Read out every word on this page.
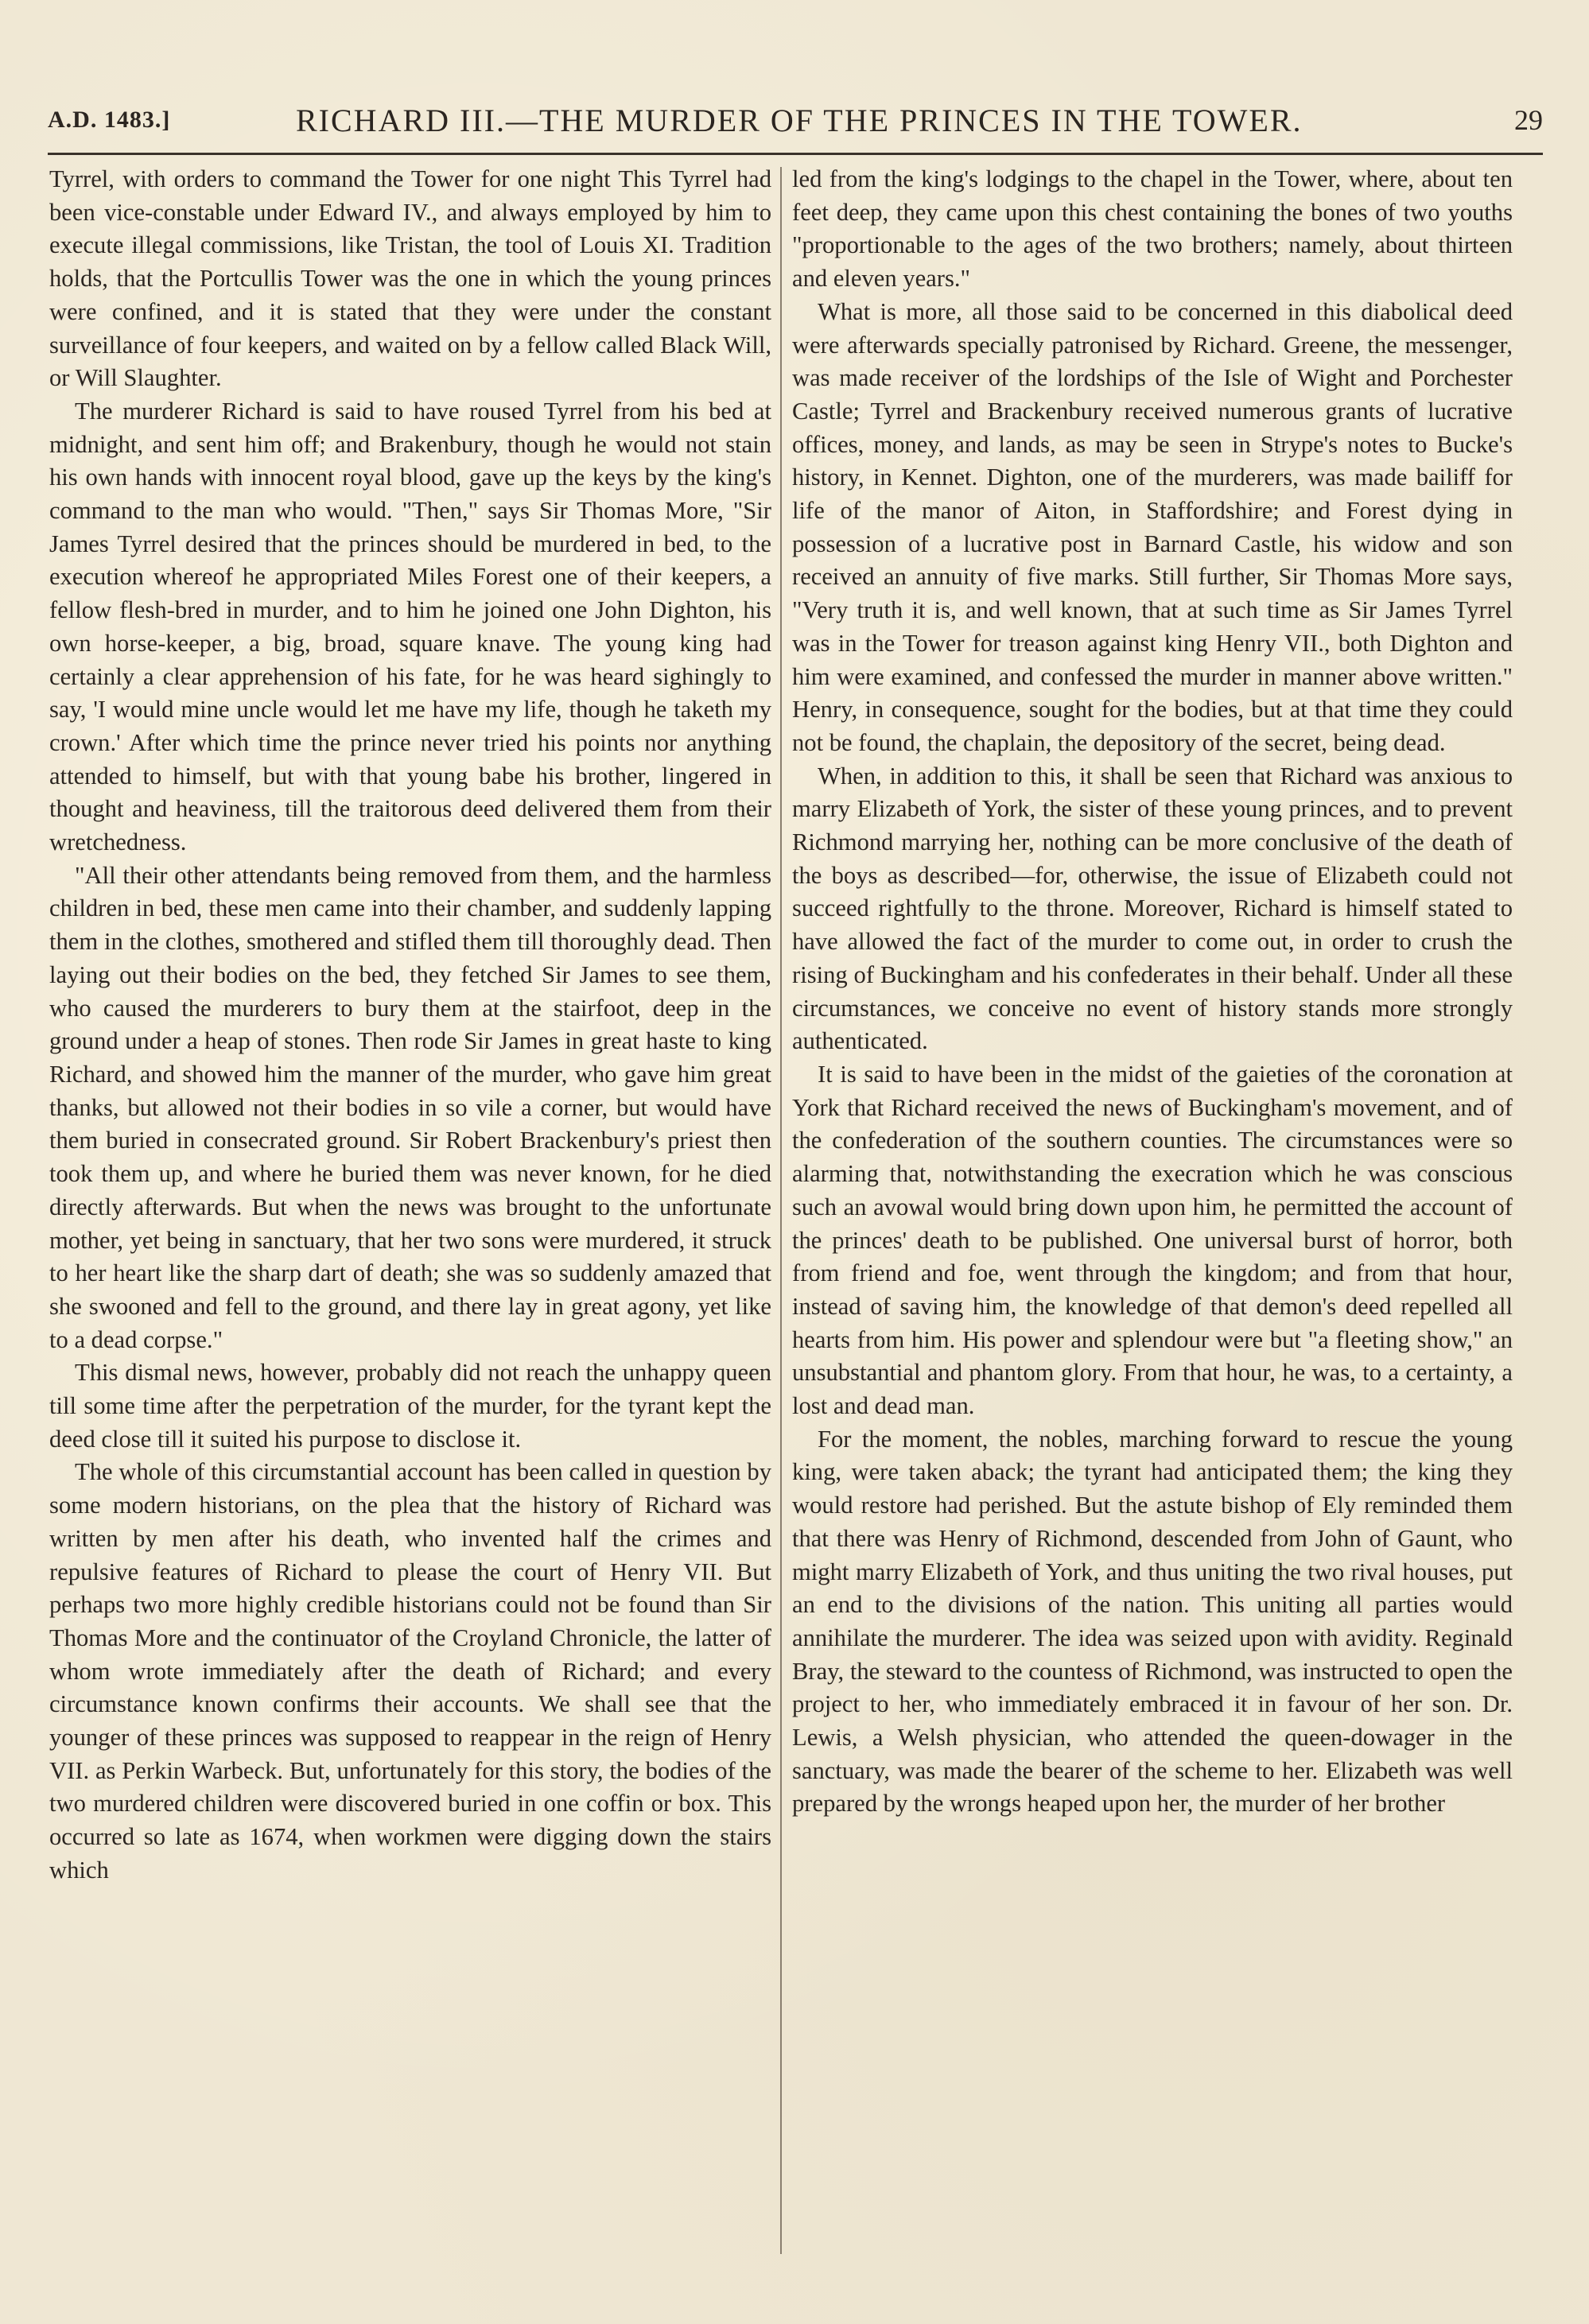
A.D. 1483.]	RICHARD III.—THE MURDER OF THE PRINCES IN THE TOWER.	29

Tyrrel, with orders to command the Tower for one night This Tyrrel had been vice-constable under Edward IV., and always employed by him to execute illegal commissions, like Tristan, the tool of Louis XI. Tradition holds, that the Portcullis Tower was the one in which the young princes were confined, and it is stated that they were under the constant surveillance of four keepers, and waited on by a fellow called Black Will, or Will Slaughter.

The murderer Richard is said to have roused Tyrrel from his bed at midnight, and sent him off; and Brakenbury, though he would not stain his own hands with innocent royal blood, gave up the keys by the king's command to the man who would. "Then," says Sir Thomas More, "Sir James Tyrrel desired that the princes should be murdered in bed, to the execution whereof he appropriated Miles Forest one of their keepers, a fellow flesh-bred in murder, and to him he joined one John Dighton, his own horse-keeper, a big, broad, square knave. The young king had certainly a clear apprehension of his fate, for he was heard sighingly to say, 'I would mine uncle would let me have my life, though he taketh my crown.' After which time the prince never tried his points nor anything attended to himself, but with that young babe his brother, lingered in thought and heaviness, till the traitorous deed delivered them from their wretchedness.

"All their other attendants being removed from them, and the harmless children in bed, these men came into their chamber, and suddenly lapping them in the clothes, smothered and stifled them till thoroughly dead. Then laying out their bodies on the bed, they fetched Sir James to see them, who caused the murderers to bury them at the stairfoot, deep in the ground under a heap of stones. Then rode Sir James in great haste to king Richard, and showed him the manner of the murder, who gave him great thanks, but allowed not their bodies in so vile a corner, but would have them buried in consecrated ground. Sir Robert Brackenbury's priest then took them up, and where he buried them was never known, for he died directly afterwards. But when the news was brought to the unfortunate mother, yet being in sanctuary, that her two sons were murdered, it struck to her heart like the sharp dart of death; she was so suddenly amazed that she swooned and fell to the ground, and there lay in great agony, yet like to a dead corpse."

This dismal news, however, probably did not reach the unhappy queen till some time after the perpetration of the murder, for the tyrant kept the deed close till it suited his purpose to disclose it.

The whole of this circumstantial account has been called in question by some modern historians, on the plea that the history of Richard was written by men after his death, who invented half the crimes and repulsive features of Richard to please the court of Henry VII. But perhaps two more highly credible historians could not be found than Sir Thomas More and the continuator of the Croyland Chronicle, the latter of whom wrote immediately after the death of Richard; and every circumstance known confirms their accounts. We shall see that the younger of these princes was supposed to reappear in the reign of Henry VII. as Perkin Warbeck. But, unfortunately for this story, the bodies of the two murdered children were discovered buried in one coffin or box. This occurred so late as 1674, when workmen were digging down the stairs which

led from the king's lodgings to the chapel in the Tower, where, about ten feet deep, they came upon this chest containing the bones of two youths "proportionable to the ages of the two brothers; namely, about thirteen and eleven years."

What is more, all those said to be concerned in this diabolical deed were afterwards specially patronised by Richard. Greene, the messenger, was made receiver of the lordships of the Isle of Wight and Porchester Castle; Tyrrel and Brackenbury received numerous grants of lucrative offices, money, and lands, as may be seen in Strype's notes to Bucke's history, in Kennet. Dighton, one of the murderers, was made bailiff for life of the manor of Aiton, in Staffordshire; and Forest dying in possession of a lucrative post in Barnard Castle, his widow and son received an annuity of five marks. Still further, Sir Thomas More says, "Very truth it is, and well known, that at such time as Sir James Tyrrel was in the Tower for treason against king Henry VII., both Dighton and him were examined, and confessed the murder in manner above written." Henry, in consequence, sought for the bodies, but at that time they could not be found, the chaplain, the depository of the secret, being dead.

When, in addition to this, it shall be seen that Richard was anxious to marry Elizabeth of York, the sister of these young princes, and to prevent Richmond marrying her, nothing can be more conclusive of the death of the boys as described—for, otherwise, the issue of Elizabeth could not succeed rightfully to the throne. Moreover, Richard is himself stated to have allowed the fact of the murder to come out, in order to crush the rising of Buckingham and his confederates in their behalf. Under all these circumstances, we conceive no event of history stands more strongly authenticated.

It is said to have been in the midst of the gaieties of the coronation at York that Richard received the news of Buckingham's movement, and of the confederation of the southern counties. The circumstances were so alarming that, notwithstanding the execration which he was conscious such an avowal would bring down upon him, he permitted the account of the princes' death to be published. One universal burst of horror, both from friend and foe, went through the kingdom; and from that hour, instead of saving him, the knowledge of that demon's deed repelled all hearts from him. His power and splendour were but "a fleeting show," an unsubstantial and phantom glory. From that hour, he was, to a certainty, a lost and dead man.

For the moment, the nobles, marching forward to rescue the young king, were taken aback; the tyrant had anticipated them; the king they would restore had perished. But the astute bishop of Ely reminded them that there was Henry of Richmond, descended from John of Gaunt, who might marry Elizabeth of York, and thus uniting the two rival houses, put an end to the divisions of the nation. This uniting all parties would annihilate the murderer. The idea was seized upon with avidity. Reginald Bray, the steward to the countess of Richmond, was instructed to open the project to her, who immediately embraced it in favour of her son. Dr. Lewis, a Welsh physician, who attended the queen-dowager in the sanctuary, was made the bearer of the scheme to her. Elizabeth was well prepared by the wrongs heaped upon her, the murder of her brother
